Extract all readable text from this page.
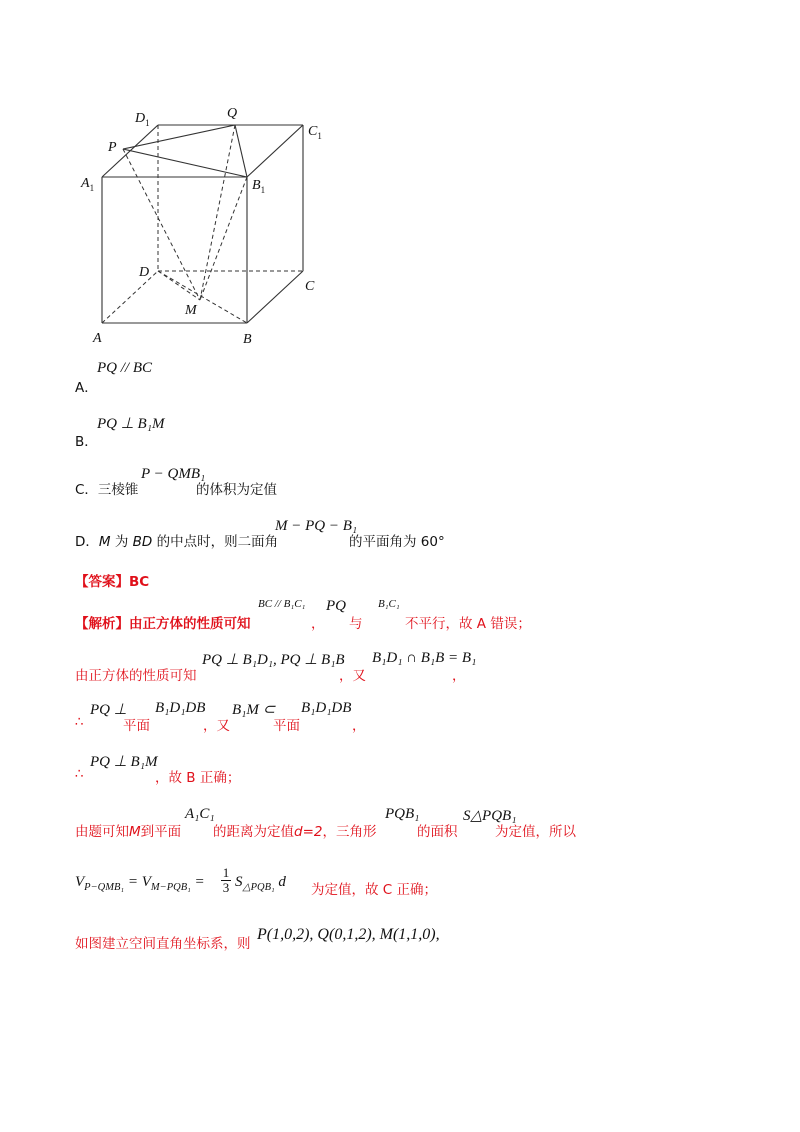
$D_1$
Q
$C_1$
P
$A_1$	$B_1$
D
C
M
A	B
PQ // BC
A．
PQ ⊥ B₁M
B．
C．三棱锥
P − QMB₁
的体积为定值
D．M 为 BD 的中点时，则二面角
M − PQ − B₁
的平面角为 60°
【答案】BC
【解析】由正方体的性质可知
BC // B₁C₁
，
PQ
与
B₁C₁
不平行，故 A 错误；
由正方体的性质可知
PQ ⊥ B₁D₁, PQ ⊥ B₁B
，又
B₁D₁ ∩ B₁B = B₁
，
∴
PQ ⊥
平面
B₁D₁DB
，又
B₁M ⊂
平面
B₁D₁DB
，
∴
PQ ⊥ B₁M
，故 B 正确；
由题可知M到平面
A₁C₁
的距离为定值d=2，三角形
PQB₁
的面积
S△PQB₁
为定值，所以
$V_{P-QMB_1} = V_{M-PQB_1}$ =
1
3 $S_{\triangle PQB_1}$ d 为定值，故 C 正确；
如图建立空间直角坐标系，则
P(1,0,2), Q(0,1,2), M(1,1,0),
